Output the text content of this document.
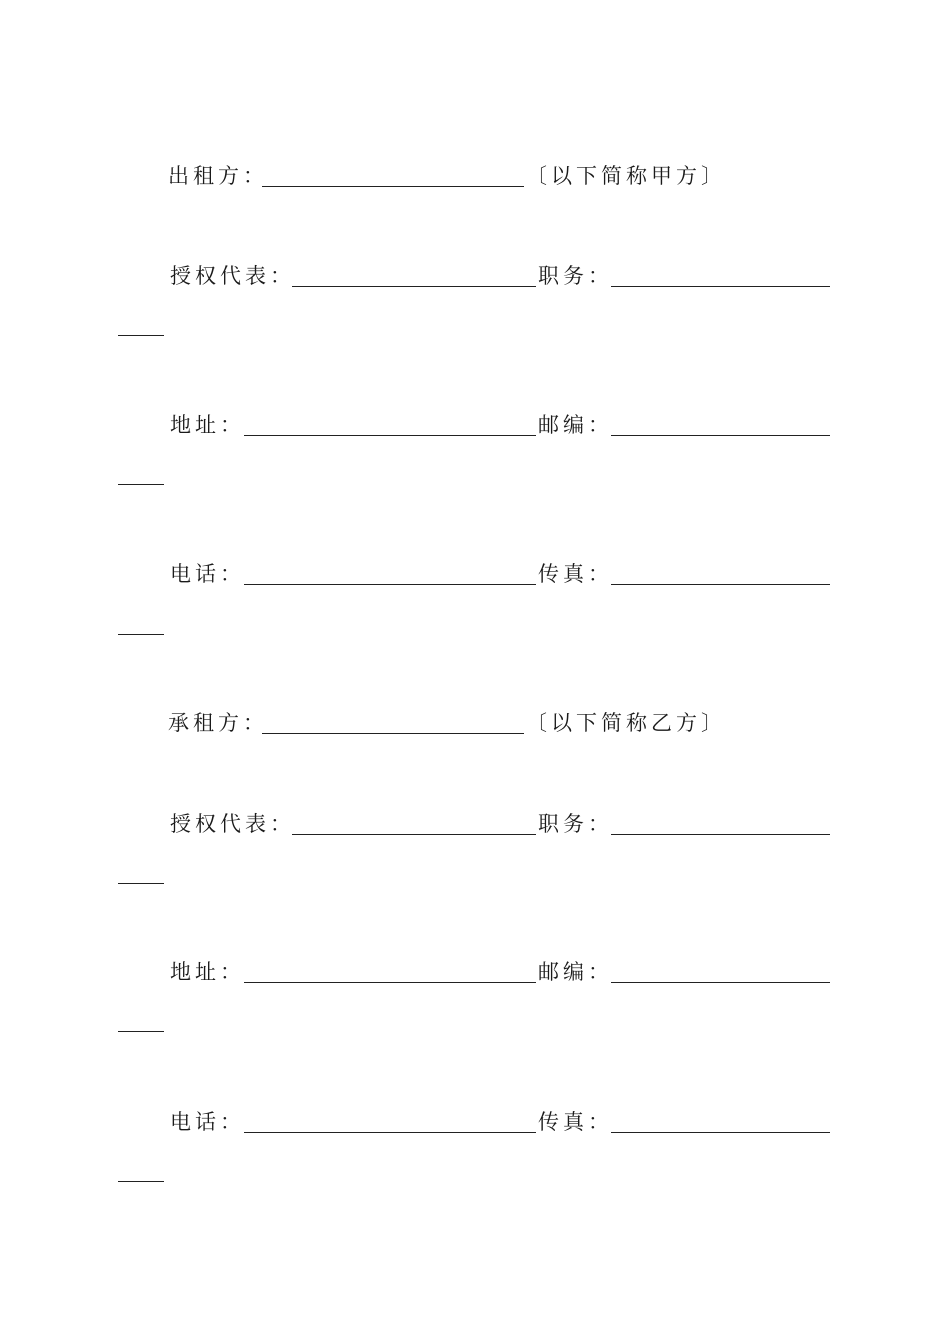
出租方：	〔以下简称甲方〕
授权代表：	职务：
地址：	邮编：
电话：	传真：
承租方：	〔以下简称乙方〕
授权代表：	职务：
地址：	邮编：
电话：	传真：
